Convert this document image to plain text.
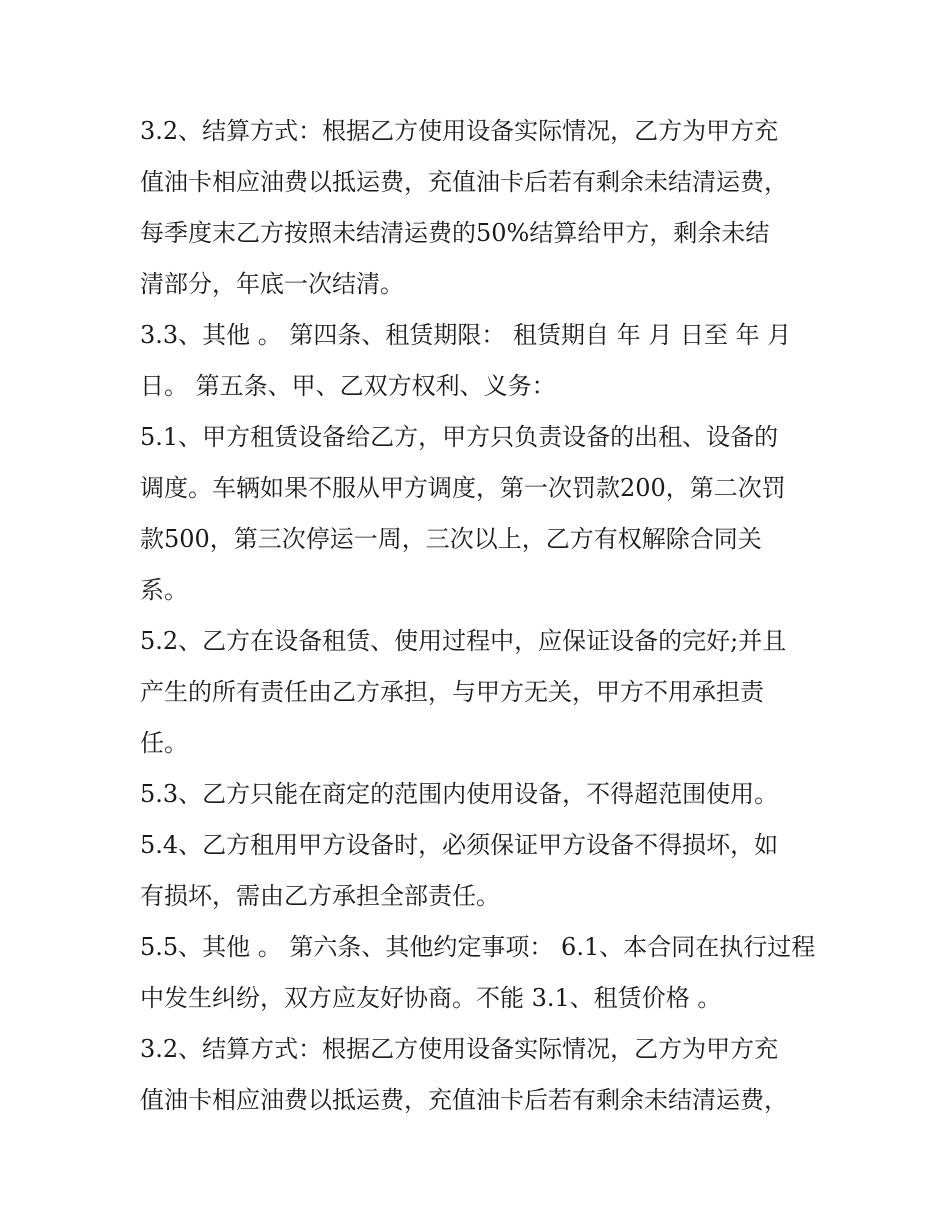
3.2、结算方式：根据乙方使用设备实际情况，乙方为甲方充
值油卡相应油费以抵运费，充值油卡后若有剩余未结清运费，
每季度末乙方按照未结清运费的50%结算给甲方，剩余未结
清部分，年底一次结清。

3.3、其他 。 第四条、租赁期限： 租赁期自 年 月 日至 年 月
日。 第五条、甲、乙双方权利、义务：

5.1、甲方租赁设备给乙方，甲方只负责设备的出租、设备的
调度。车辆如果不服从甲方调度，第一次罚款200，第二次罚
款500，第三次停运一周，三次以上，乙方有权解除合同关
系。

5.2、乙方在设备租赁、使用过程中，应保证设备的完好;并且
产生的所有责任由乙方承担，与甲方无关，甲方不用承担责
任。

5.3、乙方只能在商定的范围内使用设备，不得超范围使用。

5.4、乙方租用甲方设备时，必须保证甲方设备不得损坏，如
有损坏，需由乙方承担全部责任。

5.5、其他 。 第六条、其他约定事项： 6.1、本合同在执行过程
中发生纠纷，双方应友好协商。不能 3.1、租赁价格 。

3.2、结算方式：根据乙方使用设备实际情况，乙方为甲方充
值油卡相应油费以抵运费，充值油卡后若有剩余未结清运费，
